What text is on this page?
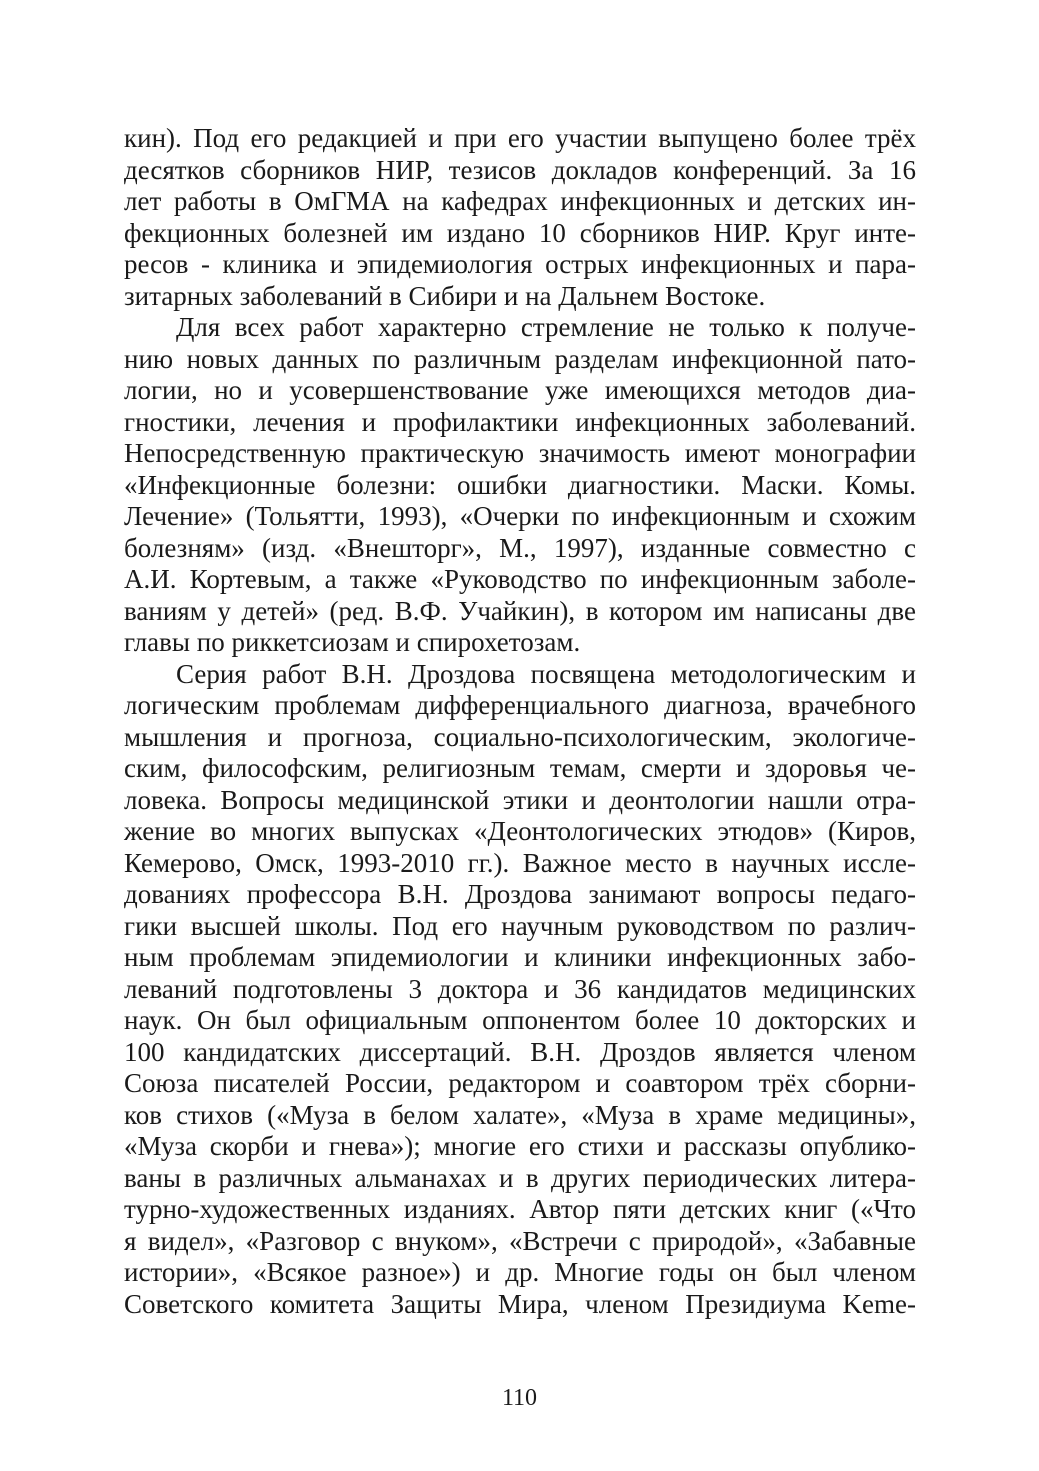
кин). Под его редакцией и при его участии выпущено более трёх
десятков сборников НИР, тезисов докладов конференций. За 16
лет работы в ОмГМА на кафедрах инфекционных и детских ин-
фекционных болезней им издано 10 сборников НИР. Круг инте-
ресов - клиника и эпидемиология острых инфекционных и пара-
зитарных заболеваний в Сибири и на Дальнем Востоке.
Для всех работ характерно стремление не только к получе-
нию новых данных по различным разделам инфекционной пато-
логии, но и усовершенствование уже имеющихся методов диа-
гностики, лечения и профилактики инфекционных заболеваний.
Непосредственную практическую значимость имеют монографии
«Инфекционные болезни: ошибки диагностики. Маски. Комы.
Лечение» (Тольятти, 1993), «Очерки по инфекционным и схожим
болезням» (изд. «Внешторг», М., 1997), изданные совместно с
А.И. Кортевым, а также «Руководство по инфекционным заболе-
ваниям у детей» (ред. В.Ф. Учайкин), в котором им написаны две
главы по риккетсиозам и спирохетозам.
Серия работ В.Н. Дроздова посвящена методологическим и
логическим проблемам дифференциального диагноза, врачебного
мышления и прогноза, социально-психологическим, экологиче-
ским, философским, религиозным темам, смерти и здоровья че-
ловека. Вопросы медицинской этики и деонтологии нашли отра-
жение во многих выпусках «Деонтологических этюдов» (Киров,
Кемерово, Омск, 1993-2010 гг.). Важное место в научных иссле-
дованиях профессора В.Н. Дроздова занимают вопросы педаго-
гики высшей школы. Под его научным руководством по различ-
ным проблемам эпидемиологии и клиники инфекционных забо-
леваний подготовлены 3 доктора и 36 кандидатов медицинских
наук. Он был официальным оппонентом более 10 докторских и
100 кандидатских диссертаций. В.Н. Дроздов является членом
Союза писателей России, редактором и соавтором трёх сборни-
ков стихов («Муза в белом халате», «Муза в храме медицины»,
«Муза скорби и гнева»); многие его стихи и рассказы опублико-
ваны в различных альманахах и в других периодических литера-
турно-художественных изданиях. Автор пяти детских книг («Что
я видел», «Разговор с внуком», «Встречи с природой», «Забавные
истории», «Всякое разное») и др. Многие годы он был членом
Советского комитета Защиты Мира, членом Президиума Keme-
110
